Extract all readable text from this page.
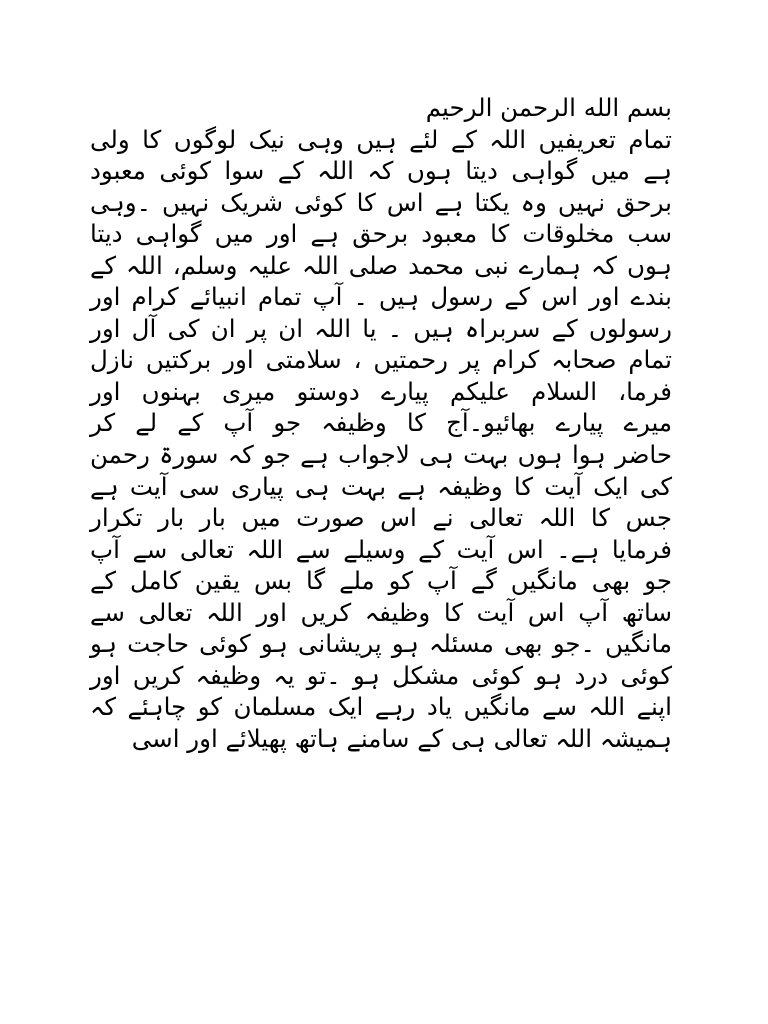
بسم الله الرحمن الرحیم
تمام تعریفیں اللہ کے لئے ہیں وہی نیک لوگوں کا ولی
ہے میں گواہی دیتا ہوں کہ اللہ کے سوا کوئی معبود
برحق نہیں وہ یکتا ہے اس کا کوئی شریک نہیں ۔وہی
سب مخلوقات کا معبود برحق ہے اور میں گواہی دیتا
ہوں کہ ہمارے نبی محمد صلی اللہ علیہ وسلم، اللہ کے
بندے اور اس کے رسول ہیں ۔ آپ تمام انبیائے کرام اور
رسولوں کے سربراہ ہیں ۔ یا اللہ ان پر ان کی آل اور
تمام صحابہ کرام پر رحمتیں ، سلامتی اور برکتیں نازل
فرما، السلام علیکم پیارے دوستو میری بہنوں اور
میرے پیارے بھائیو۔آج کا وظیفہ جو آپ کے لے کر
حاضر ہوا ہوں بہت ہی لاجواب ہے جو کہ سورۃ رحمن
کی ایک آیت کا وظیفہ ہے بہت ہی پیاری سی آیت ہے
جس کا اللہ تعالی نے اس صورت میں بار بار تکرار
فرمایا ہے۔ اس آیت کے وسیلے سے اللہ تعالی سے آپ
جو بھی مانگیں گے آپ کو ملے گا بس یقین کامل کے
ساتھ آپ اس آیت کا وظیفہ کریں اور اللہ تعالی سے
مانگیں ۔جو بھی مسئلہ ہو پریشانی ہو کوئی حاجت ہو
کوئی درد ہو کوئی مشکل ہو ۔تو یہ وظیفہ کریں اور
اپنے اللہ سے مانگیں یاد رہے ایک مسلمان کو چاہئے کہ
ہمیشہ اللہ تعالی ہی کے سامنے ہاتھ پھیلائے اور اسی
